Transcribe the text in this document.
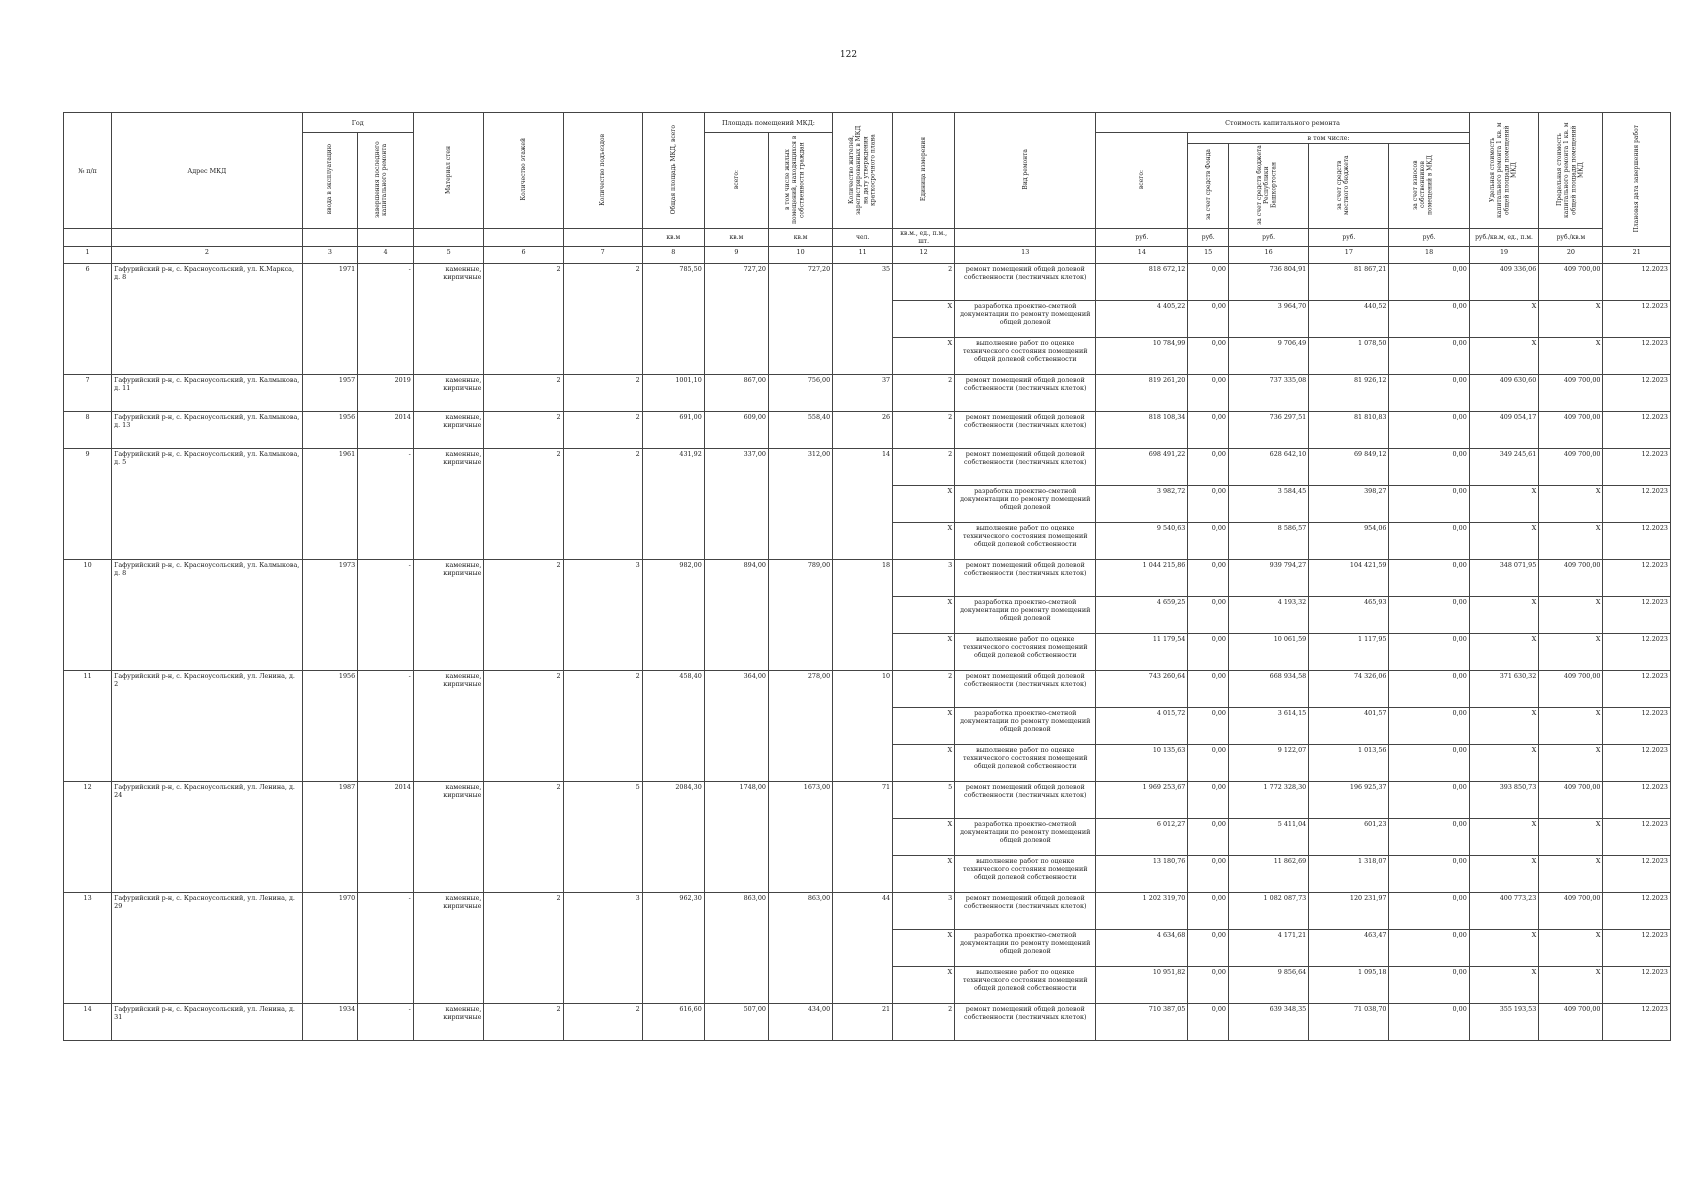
122
№ п/п	Адрес МКД	Год		Материал стен	Количество этажей	Количество подъездов	Общая площадь МКД, всего	Площадь помещений МКД:		Количество жителей, зарегистрированных в МКД на дату утверждения краткосрочного плана	Единица измерения	Вид ремонта	Стоимость капитального ремонта					Удельная стоимость капитального ремонта 1 кв. м общей площади помещений МКД	Предельная стоимость капитального ремонта 1 кв. м общей площади помещений МКД	Плановая дата завершения работ
		ввода в эксплуатацию	завершения последнего капитального ремонта					всего:	в том числе жилых помещений, находящихся в собственности граждан				всего:	в том числе:						
														за счет средств Фонда	за счет средств бюджета Республики Башкортостан	за счет средств местного бюджета	за счет взносов собственников помещений в МКД			
							кв.м	кв.м	кв.м	чел.	кв.м., ед., п.м., шт.		руб.	руб.	руб.	руб.	руб.	руб./кв.м, ед., п.м.	руб./кв.м	
1	2	3	4	5	6	7	8	9	10	11	12	13	14	15	16	17	18	19	20	21
6	Гафурийский р-н, с. Красноусольский, ул. К.Маркса, д. 8	1971	-	каменные, кирпичные	2	2	785,50	727,20	727,20	35	2	ремонт помещений общей долевой собственности (лестничных клеток)	818 672,12	0,00	736 804,91	81 867,21	0,00	409 336,06	409 700,00	12.2023
											X	разработка проектно-сметной документации по ремонту помещений общей долевой	4 405,22	0,00	3 964,70	440,52	0,00	X	X	12.2023
											X	выполнение работ по оценке технического состояния помещений общей долевой собственности	10 784,99	0,00	9 706,49	1 078,50	0,00	X	X	12.2023
7	Гафурийский р-н, с. Красноусольский, ул. Калмыкова, д. 11	1957	2019	каменные, кирпичные	2	2	1001,10	867,00	756,00	37	2	ремонт помещений общей долевой собственности (лестничных клеток)	819 261,20	0,00	737 335,08	81 926,12	0,00	409 630,60	409 700,00	12.2023
8	Гафурийский р-н, с. Красноусольский, ул. Калмыкова, д. 13	1956	2014	каменные, кирпичные	2	2	691,00	609,00	558,40	26	2	ремонт помещений общей долевой собственности (лестничных клеток)	818 108,34	0,00	736 297,51	81 810,83	0,00	409 054,17	409 700,00	12.2023
9	Гафурийский р-н, с. Красноусольский, ул. Калмыкова, д. 5	1961	-	каменные, кирпичные	2	2	431,92	337,00	312,00	14	2	ремонт помещений общей долевой собственности (лестничных клеток)	698 491,22	0,00	628 642,10	69 849,12	0,00	349 245,61	409 700,00	12.2023
											X	разработка проектно-сметной документации по ремонту помещений общей долевой	3 982,72	0,00	3 584,45	398,27	0,00	X	X	12.2023
											X	выполнение работ по оценке технического состояния помещений общей долевой собственности	9 540,63	0,00	8 586,57	954,06	0,00	X	X	12.2023
10	Гафурийский р-н, с. Красноусольский, ул. Калмыкова, д. 8	1973	-	каменные, кирпичные	2	3	982,00	894,00	789,00	18	3	ремонт помещений общей долевой собственности (лестничных клеток)	1 044 215,86	0,00	939 794,27	104 421,59	0,00	348 071,95	409 700,00	12.2023
											X	разработка проектно-сметной документации по ремонту помещений общей долевой	4 659,25	0,00	4 193,32	465,93	0,00	X	X	12.2023
											X	выполнение работ по оценке технического состояния помещений общей долевой собственности	11 179,54	0,00	10 061,59	1 117,95	0,00	X	X	12.2023
11	Гафурийский р-н, с. Красноусольский, ул. Ленина, д. 2	1956	-	каменные, кирпичные	2	2	458,40	364,00	278,00	10	2	ремонт помещений общей долевой собственности (лестничных клеток)	743 260,64	0,00	668 934,58	74 326,06	0,00	371 630,32	409 700,00	12.2023
											X	разработка проектно-сметной документации по ремонту помещений общей долевой	4 015,72	0,00	3 614,15	401,57	0,00	X	X	12.2023
											X	выполнение работ по оценке технического состояния помещений общей долевой собственности	10 135,63	0,00	9 122,07	1 013,56	0,00	X	X	12.2023
12	Гафурийский р-н, с. Красноусольский, ул. Ленина, д. 24	1987	2014	каменные, кирпичные	2	5	2084,30	1748,00	1673,00	71	5	ремонт помещений общей долевой собственности (лестничных клеток)	1 969 253,67	0,00	1 772 328,30	196 925,37	0,00	393 850,73	409 700,00	12.2023
											X	разработка проектно-сметной документации по ремонту помещений общей долевой	6 012,27	0,00	5 411,04	601,23	0,00	X	X	12.2023
											X	выполнение работ по оценке технического состояния помещений общей долевой собственности	13 180,76	0,00	11 862,69	1 318,07	0,00	X	X	12.2023
13	Гафурийский р-н, с. Красноусольский, ул. Ленина, д. 29	1970	-	каменные, кирпичные	2	3	962,30	863,00	863,00	44	3	ремонт помещений общей долевой собственности (лестничных клеток)	1 202 319,70	0,00	1 082 087,73	120 231,97	0,00	400 773,23	409 700,00	12.2023
											X	разработка проектно-сметной документации по ремонту помещений общей долевой	4 634,68	0,00	4 171,21	463,47	0,00	X	X	12.2023
											X	выполнение работ по оценке технического состояния помещений общей долевой собственности	10 951,82	0,00	9 856,64	1 095,18	0,00	X	X	12.2023
14	Гафурийский р-н, с. Красноусольский, ул. Ленина, д. 31	1934	-	каменные, кирпичные	2	2	616,60	507,00	434,00	21	2	ремонт помещений общей долевой собственности (лестничных клеток)	710 387,05	0,00	639 348,35	71 038,70	0,00	355 193,53	409 700,00	12.2023
